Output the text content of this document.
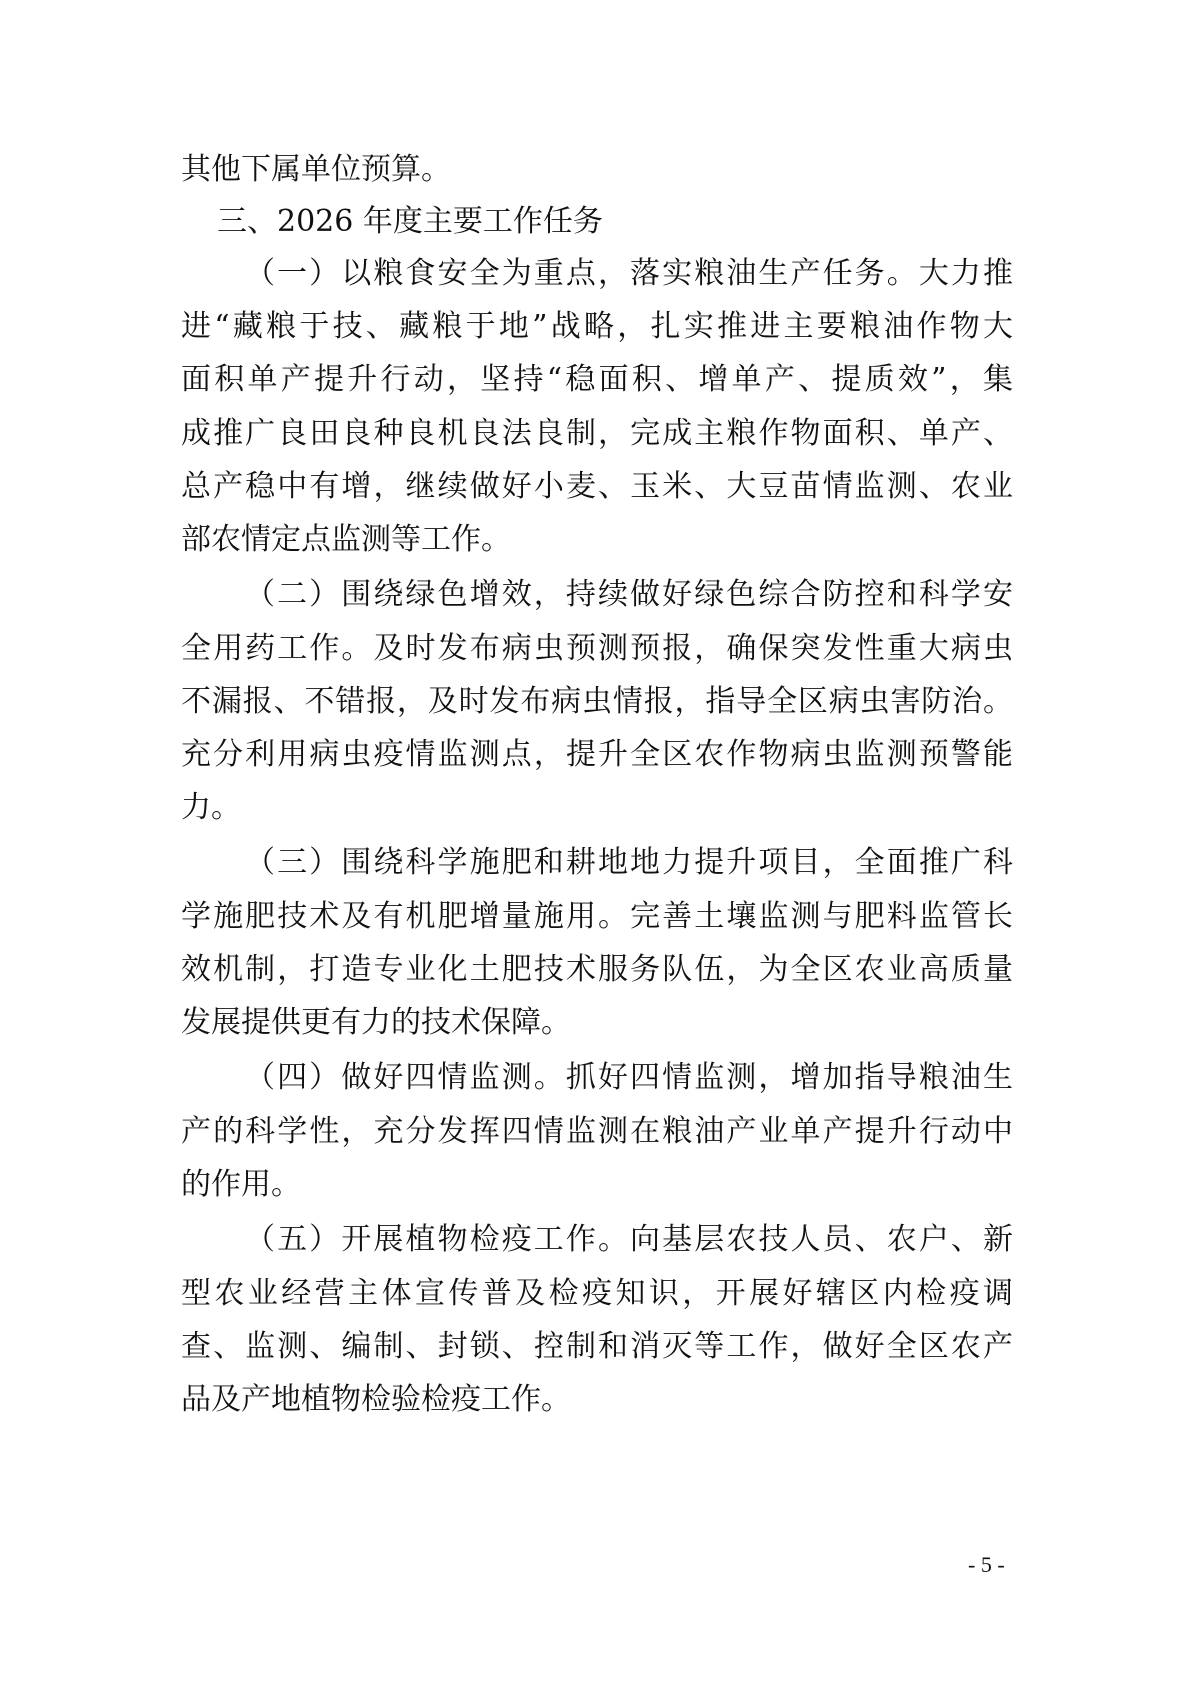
其他下属单位预算。
三、2026 年度主要工作任务
（一）以粮食安全为重点，落实粮油生产任务。大力推
进“藏粮于技、藏粮于地”战略，扎实推进主要粮油作物大
面积单产提升行动，坚持“稳面积、增单产、提质效”，集
成推广良田良种良机良法良制，完成主粮作物面积、单产、
总产稳中有增，继续做好小麦、玉米、大豆苗情监测、农业
部农情定点监测等工作。
（二）围绕绿色增效，持续做好绿色综合防控和科学安
全用药工作。及时发布病虫预测预报，确保突发性重大病虫
不漏报、不错报，及时发布病虫情报，指导全区病虫害防治。
充分利用病虫疫情监测点，提升全区农作物病虫监测预警能
力。
（三）围绕科学施肥和耕地地力提升项目，全面推广科
学施肥技术及有机肥增量施用。完善土壤监测与肥料监管长
效机制，打造专业化土肥技术服务队伍，为全区农业高质量
发展提供更有力的技术保障。
（四）做好四情监测。抓好四情监测，增加指导粮油生
产的科学性，充分发挥四情监测在粮油产业单产提升行动中
的作用。
（五）开展植物检疫工作。向基层农技人员、农户、新
型农业经营主体宣传普及检疫知识，开展好辖区内检疫调
查、监测、编制、封锁、控制和消灭等工作，做好全区农产
品及产地植物检验检疫工作。
- 5 -
